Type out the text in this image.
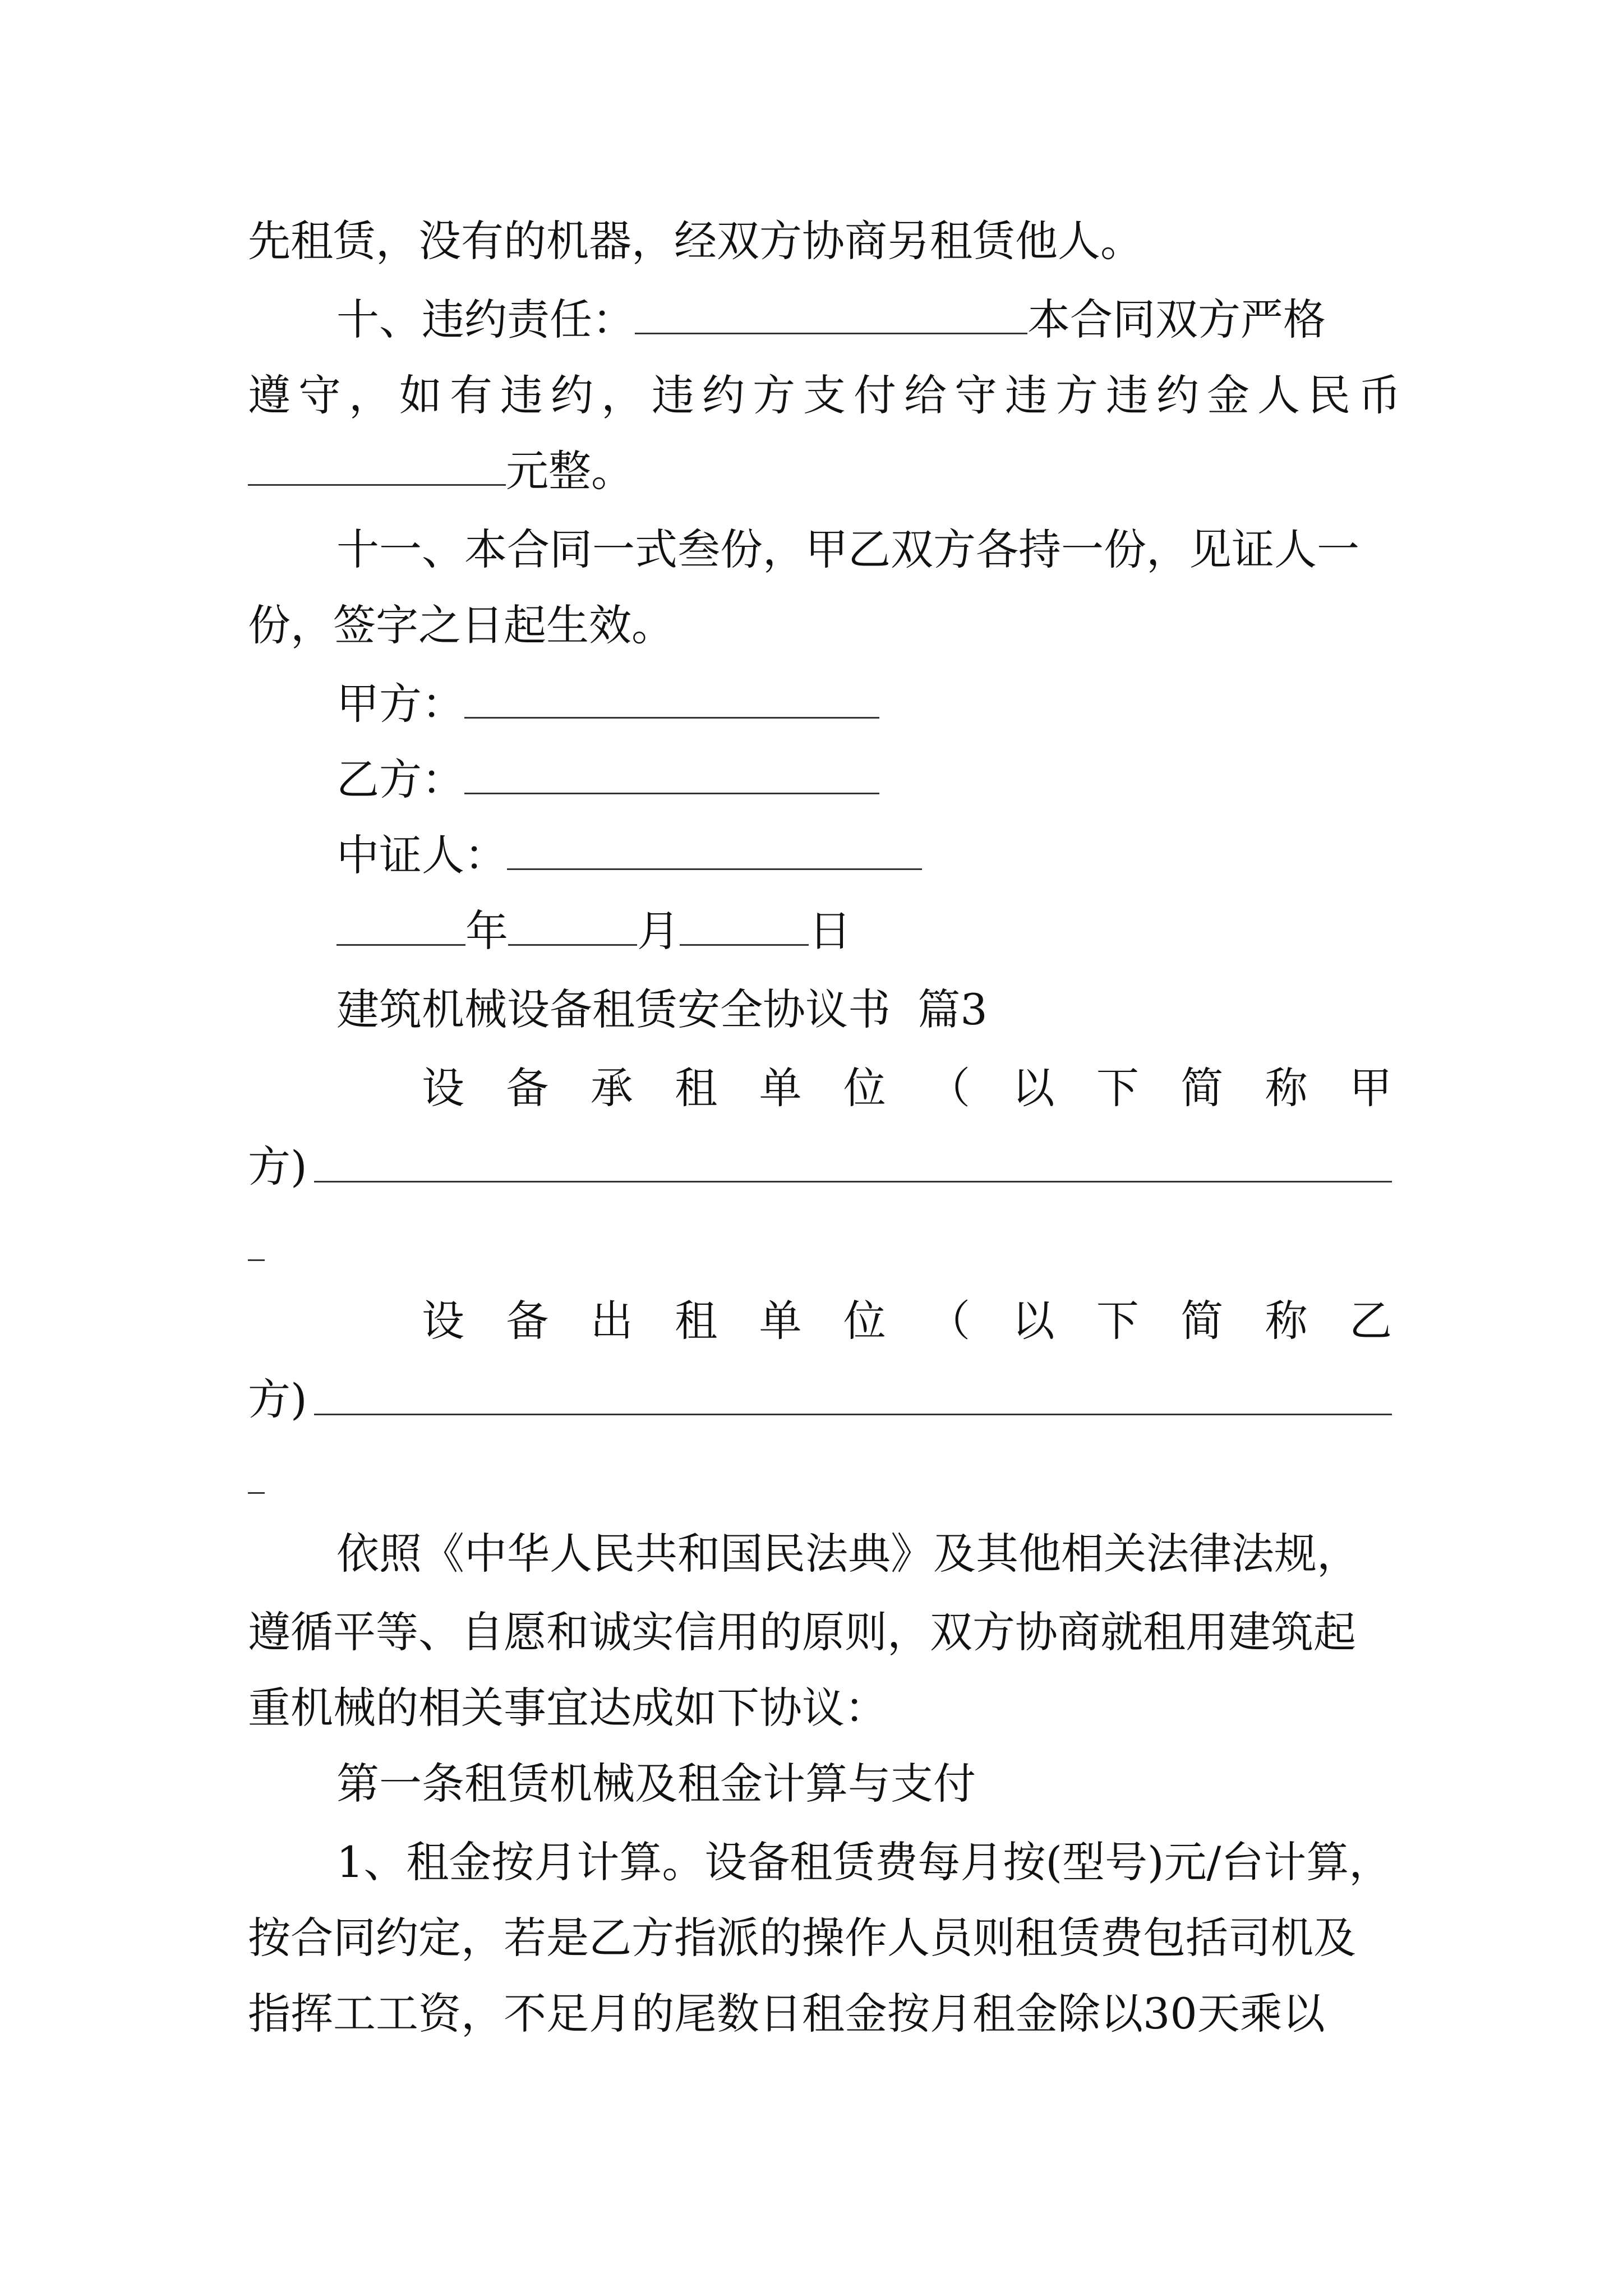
先租赁，没有的机器，经双方协商另租赁他人。
十、违约责任：	本合同双方严格
遵守，如有违约，违约方支付给守违方违约金人民币
元整。
十一、本合同一式叁份，甲乙双方各持一份，见证人一
份，签字之日起生效。
甲方：
乙方：
中证人：
年	月	日
建筑机械设备租赁安全协议书  篇3
设 备 承 租 单 位 （ 以 下 简 称 甲
方)
设 备 出 租 单 位 （ 以 下 简 称 乙
方)
依照《中华人民共和国民法典》及其他相关法律法规，
遵循平等、自愿和诚实信用的原则，双方协商就租用建筑起
重机械的相关事宜达成如下协议：
第一条租赁机械及租金计算与支付
1、租金按月计算。设备租赁费每月按(型号)元/台计算，
按合同约定，若是乙方指派的操作人员则租赁费包括司机及
指挥工工资，不足月的尾数日租金按月租金除以30天乘以
